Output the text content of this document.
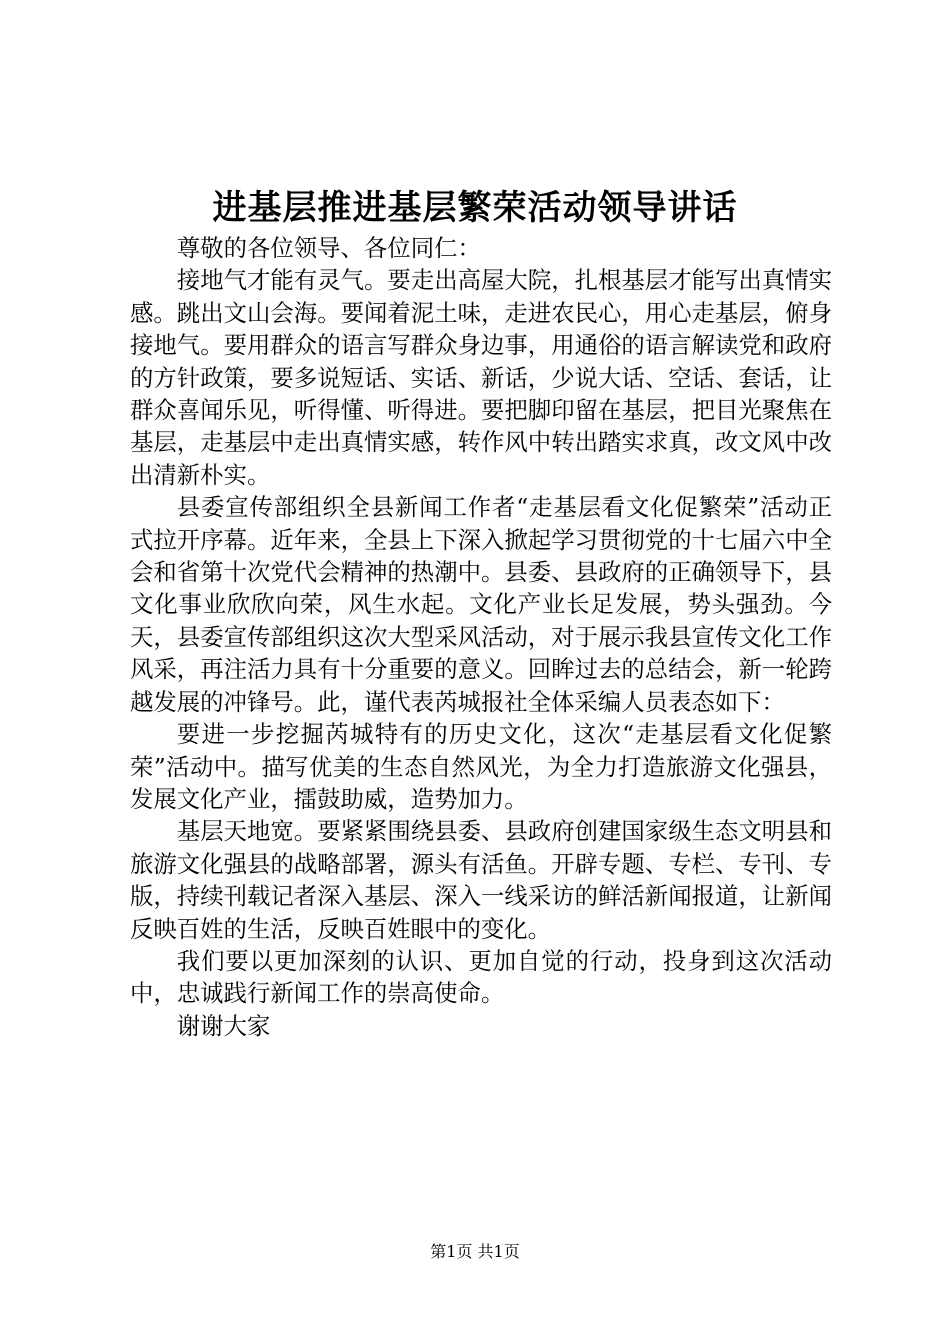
进基层推进基层繁荣活动领导讲话

尊敬的各位领导、各位同仁：

接地气才能有灵气。要走出高屋大院，扎根基层才能写出真情实感。跳出文山会海。要闻着泥土味，走进农民心，用心走基层，俯身接地气。要用群众的语言写群众身边事，用通俗的语言解读党和政府的方针政策，要多说短话、实话、新话，少说大话、空话、套话，让群众喜闻乐见，听得懂、听得进。要把脚印留在基层，把目光聚焦在基层，走基层中走出真情实感，转作风中转出踏实求真，改文风中改出清新朴实。

县委宣传部组织全县新闻工作者“走基层看文化促繁荣”活动正式拉开序幕。近年来，全县上下深入掀起学习贯彻党的十七届六中全会和省第十次党代会精神的热潮中。县委、县政府的正确领导下，县文化事业欣欣向荣，风生水起。文化产业长足发展，势头强劲。今天，县委宣传部组织这次大型采风活动，对于展示我县宣传文化工作风采，再注活力具有十分重要的意义。回眸过去的总结会，新一轮跨越发展的冲锋号。此，谨代表芮城报社全体采编人员表态如下：

要进一步挖掘芮城特有的历史文化，这次“走基层看文化促繁荣”活动中。描写优美的生态自然风光，为全力打造旅游文化强县，发展文化产业，擂鼓助威，造势加力。

基层天地宽。要紧紧围绕县委、县政府创建国家级生态文明县和旅游文化强县的战略部署，源头有活鱼。开辟专题、专栏、专刊、专版，持续刊载记者深入基层、深入一线采访的鲜活新闻报道，让新闻反映百姓的生活，反映百姓眼中的变化。

我们要以更加深刻的认识、更加自觉的行动，投身到这次活动中，忠诚践行新闻工作的崇高使命。

谢谢大家

第1页 共1页
